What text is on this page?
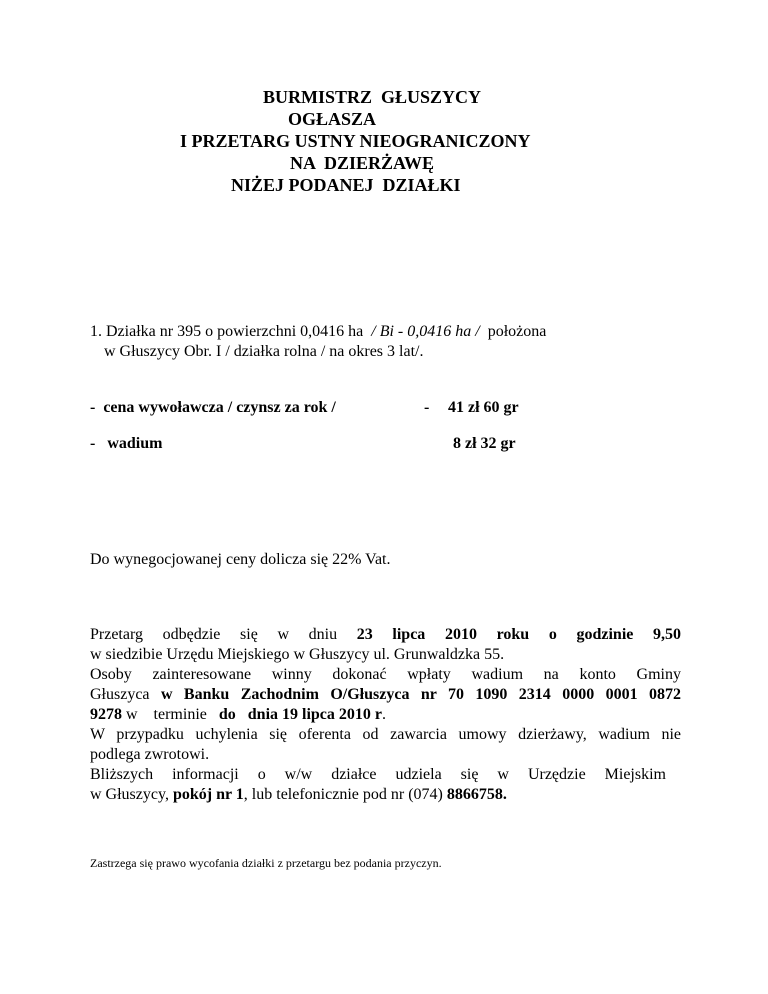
BURMISTRZ  GŁUSZYCY
OGŁASZA
I PRZETARG USTNY NIEOGRANICZONY
NA  DZIERŻAWĘ
NIŻEJ PODANEJ  DZIAŁKI
1. Działka nr 395 o powierzchni 0,0416 ha / Bi - 0,0416 ha / położona
w Głuszycy Obr. I / działka rolna / na okres 3 lat/.
-  cena wywoławcza / czynsz za rok /	- 41 zł 60 gr
-   wadium	8 zł 32 gr
Do wynegocjowanej ceny dolicza się 22% Vat.
Przetarg odbędzie się w dniu 23 lipca 2010 roku o godzinie 9,50
w siedzibie Urzędu Miejskiego w Głuszycy ul. Grunwaldzka 55.
Osoby zainteresowane winny dokonać wpłaty wadium na konto Gminy
Głuszyca w Banku Zachodnim O/Głuszyca nr 70 1090 2314 0000 0001 0872
9278 w    terminie do   dnia 19 lipca 2010 r.
W przypadku uchylenia się oferenta od zawarcia umowy dzierżawy, wadium nie
podlega zwrotowi.
Bliższych informacji o w/w działce udziela się w Urzędzie Miejskim
w Głuszycy, pokój nr 1, lub telefonicznie pod nr (074) 8866758.
Zastrzega się prawo wycofania działki z przetargu bez podania przyczyn.
